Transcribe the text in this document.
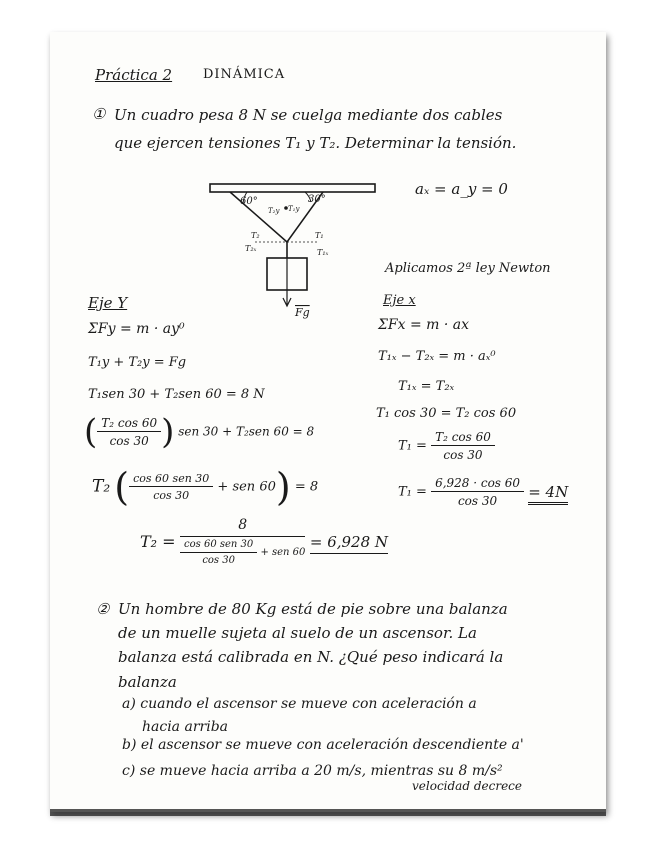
Práctica 2 DINÁMICA
① Un cuadro pesa 8 N se cuelga mediante dos cables
que ejercen tensiones T₁ y T₂. Determinar la tensión.
60°	30°
T₂y T₁y
T₂	T₁
T₂ₓ	T₁ₓ
Fg
aₓ = a_y = 0
Aplicamos 2ª ley Newton
Eje Y
ΣFy = m · ay⁰
T₁y + T₂y = Fg
T₁sen 30 + T₂sen 60 = 8 N
( $\frac{\text{T₂ cos 60}}{\cos 30}$ ) sen 30 + T₂sen 60 = 8
T₂ ( $\frac{\text{cos 60 sen 30}}{\cos 30}$ + sen 60) = 8
$T_2 = \frac{8}{\frac{\text{cos 60 sen 30}}{\cos 30} + sen 60} = 6,928$ N
Eje x
ΣFx = m · ax
T₁ₓ − T₂ₓ = m · aₓ⁰
T₁ₓ = T₂ₓ
T₁ cos 30 = T₂ cos 60
$T_1 = \frac{\text{T₂ cos 60}}{\cos 30}$
$T_1 = \frac{6,928 \cdot \cos 60}{\cos 30} = 4N$
② Un hombre de 80 Kg está de pie sobre una balanza
de un muelle sujeta al suelo de un ascensor. La
balanza está calibrada en N. ¿Qué peso indicará la
balanza
a) cuando el ascensor se mueve con aceleración a
hacia arriba
b) el ascensor se mueve con aceleración descendiente a'
c) se mueve hacia arriba a 20 m/s, mientras su 8 m/s²
velocidad decrece
